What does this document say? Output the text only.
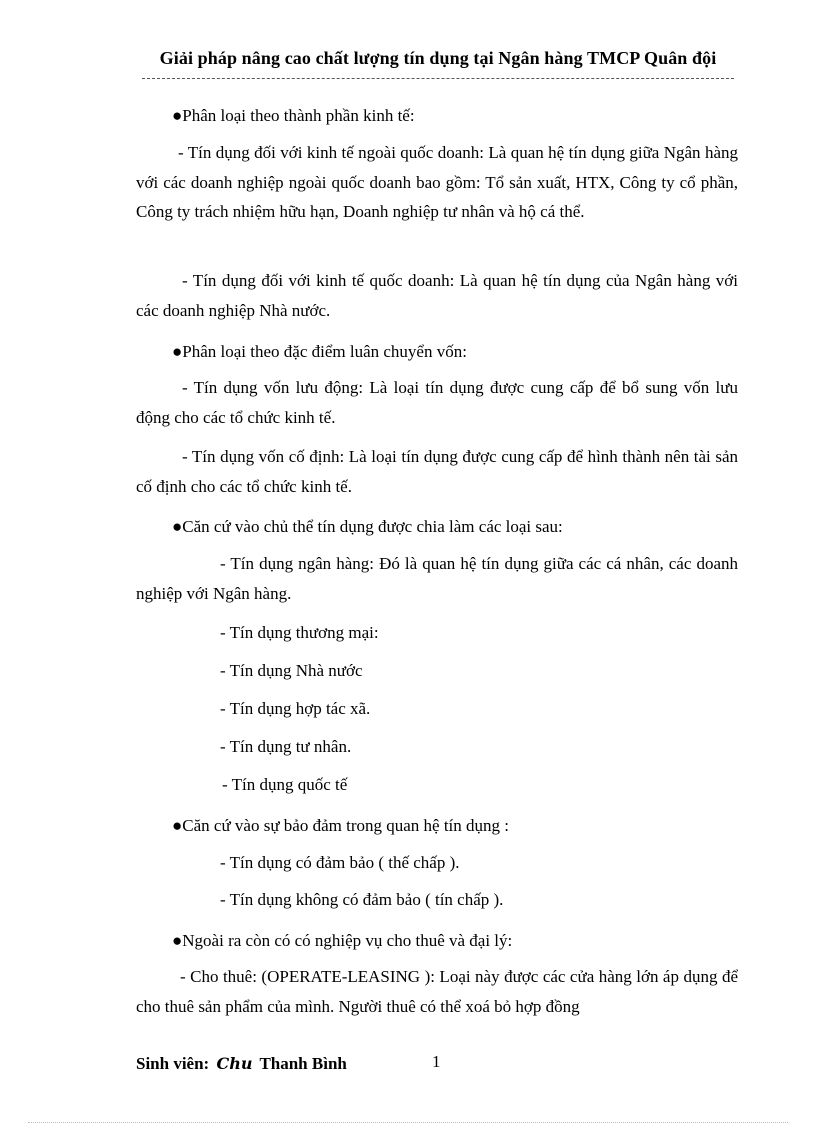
Giải pháp nâng cao chất lượng tín dụng tại Ngân hàng TMCP Quân đội

●Phân loại theo thành phần kinh tế:

- Tín dụng đối với kinh tế ngoài quốc doanh: Là quan hệ tín dụng giữa Ngân hàng với các doanh nghiệp ngoài quốc doanh bao gồm: Tổ sản xuất, HTX, Công ty cổ phần, Công ty trách nhiệm hữu hạn, Doanh nghiệp tư nhân và hộ cá thể.

- Tín dụng đối với kinh tế quốc doanh: Là quan hệ tín dụng của Ngân hàng với các doanh nghiệp Nhà nước.

●Phân loại theo đặc điểm luân chuyển vốn:

- Tín dụng vốn lưu động: Là loại tín dụng được cung cấp để bổ sung vốn lưu động cho các tổ chức kinh tế.

- Tín dụng vốn cố định: Là loại tín dụng được cung cấp để hình thành nên tài sản cố định cho các tổ chức kinh tế.

●Căn cứ vào chủ thể tín dụng được chia làm các loại sau:

- Tín dụng ngân hàng: Đó là quan hệ tín dụng giữa các cá nhân, các doanh nghiệp với Ngân hàng.

- Tín dụng thương mại:

- Tín dụng Nhà nước

- Tín dụng hợp tác xã.

- Tín dụng tư nhân.

- Tín dụng quốc tế

●Căn cứ vào sự bảo đảm trong quan hệ tín dụng :

- Tín dụng có đảm bảo ( thế chấp ).

- Tín dụng không có đảm bảo ( tín chấp ).

●Ngoài ra còn có có nghiệp vụ cho thuê và đại lý:

- Cho thuê: (OPERATE-LEASING ): Loại này được các cửa hàng lớn áp dụng để cho thuê sản phẩm của mình. Người thuê có thể xoá bỏ hợp đồng

Sinh viên: Chu Thanh Bình	1
